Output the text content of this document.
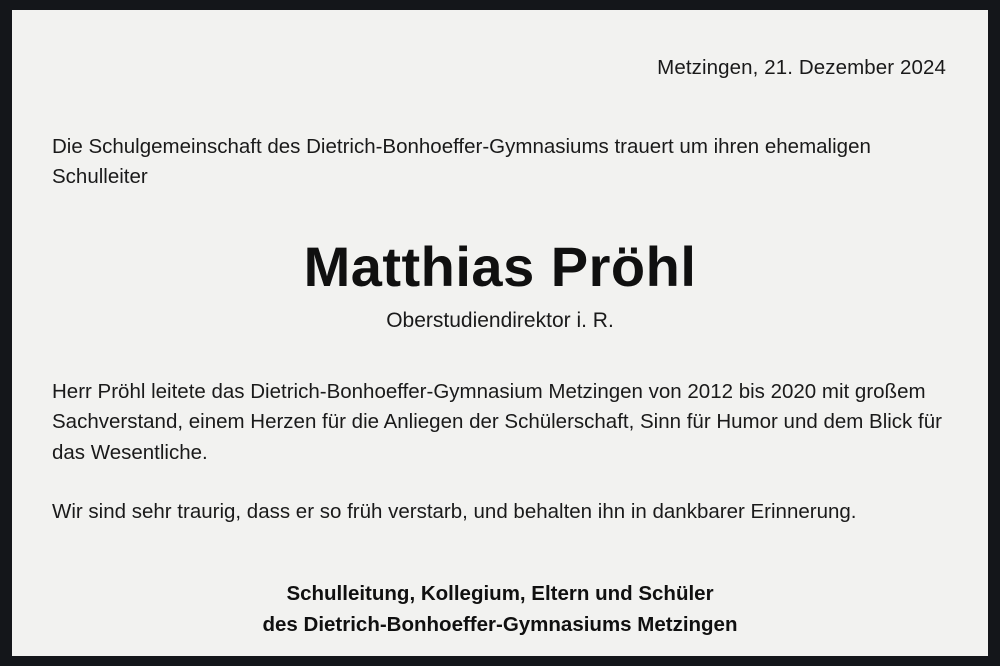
Metzingen, 21. Dezember 2024
Die Schulgemeinschaft des Dietrich-Bonhoeffer-Gymnasiums trauert um ihren ehemaligen Schulleiter
Matthias Pröhl
Oberstudiendirektor i. R.
Herr Pröhl leitete das Dietrich-Bonhoeffer-Gymnasium Metzingen von 2012 bis 2020 mit großem Sachverstand, einem Herzen für die Anliegen der Schülerschaft, Sinn für Humor und dem Blick für das Wesentliche.
Wir sind sehr traurig, dass er so früh verstarb, und behalten ihn in dankbarer Erinnerung.
Schulleitung, Kollegium, Eltern und Schüler
des Dietrich-Bonhoeffer-Gymnasiums Metzingen
